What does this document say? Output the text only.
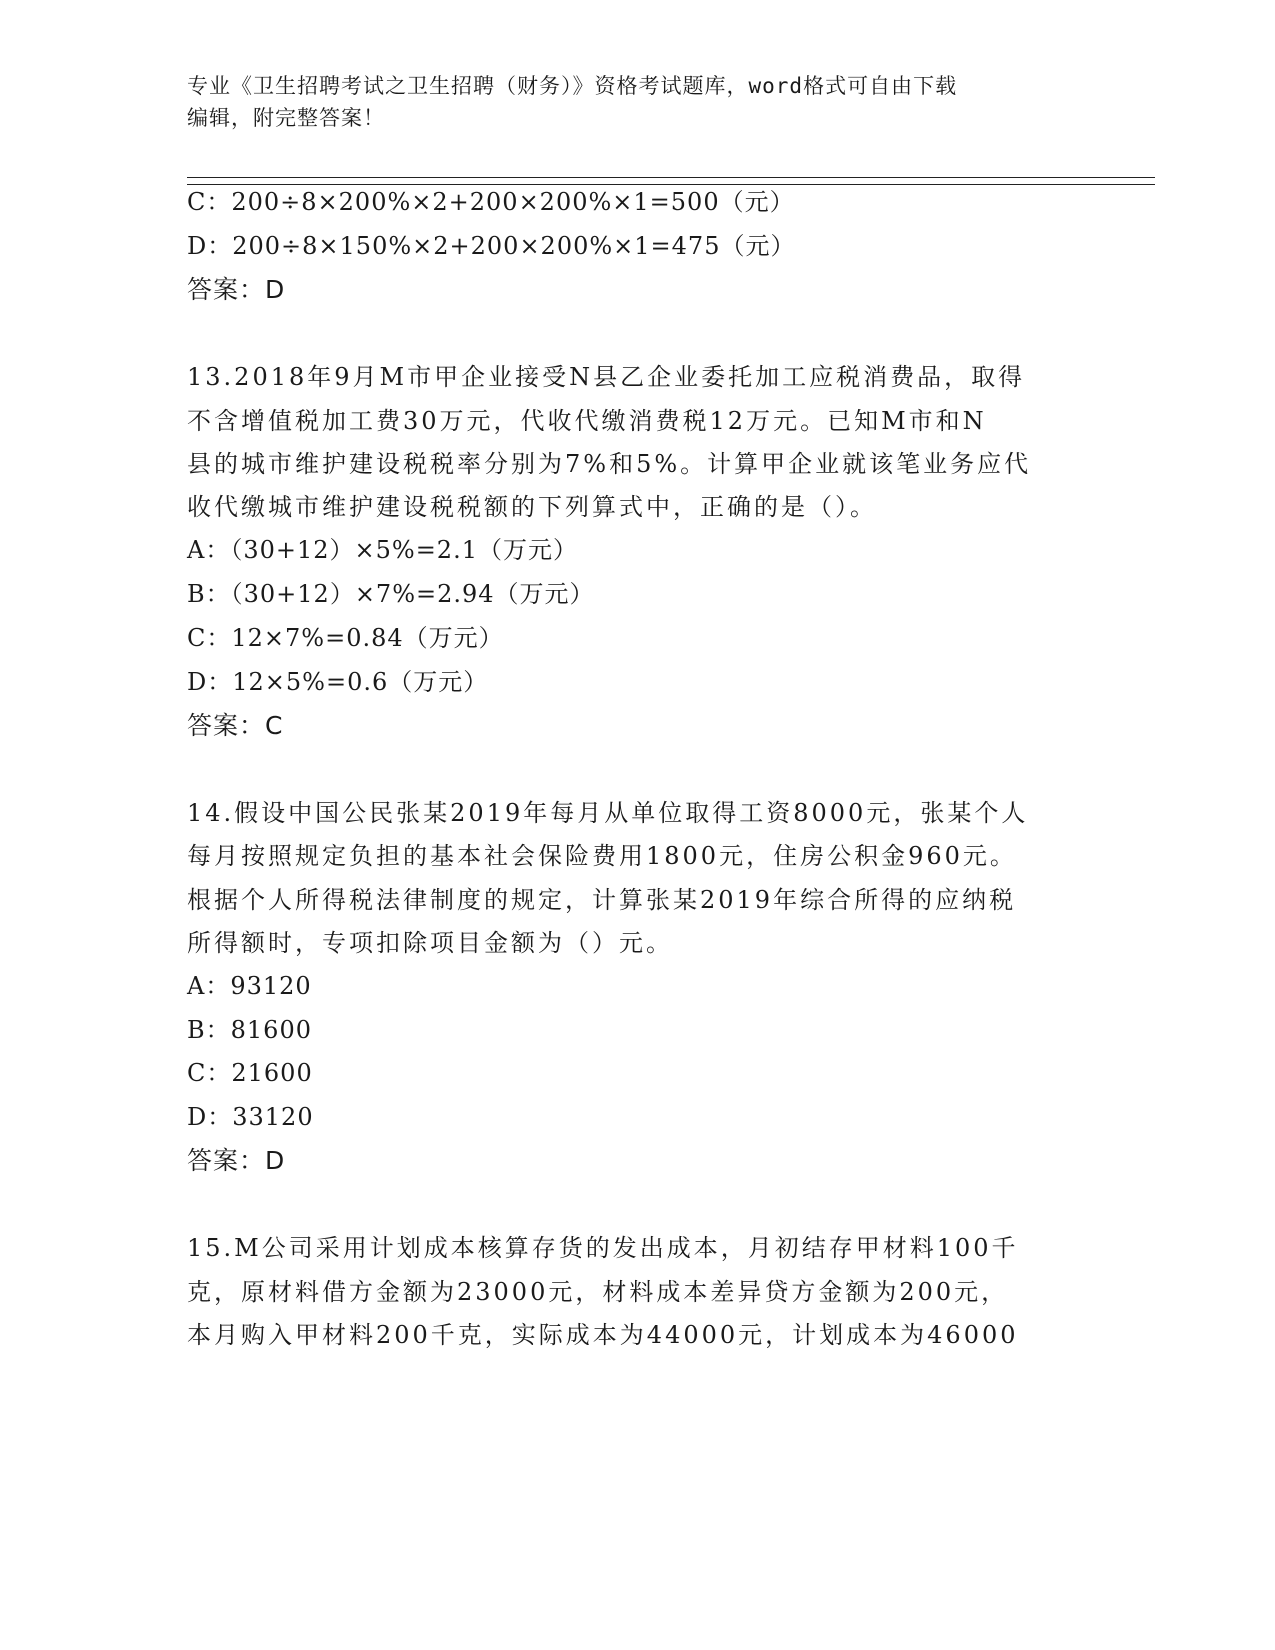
专业《卫生招聘考试之卫生招聘（财务）》资格考试题库，word格式可自由下载
编辑，附完整答案！
C：200÷8×200%×2+200×200%×1=500（元）
D：200÷8×150%×2+200×200%×1=475（元）
答案：D
13.2018年9月M市甲企业接受N县乙企业委托加工应税消费品，取得
不含增值税加工费30万元，代收代缴消费税12万元。已知M市和N
县的城市维护建设税税率分别为7%和5%。计算甲企业就该笔业务应代
收代缴城市维护建设税税额的下列算式中，正确的是（）。
A：（30+12）×5%=2.1（万元）
B：（30+12）×7%=2.94（万元）
C：12×7%=0.84（万元）
D：12×5%=0.6（万元）
答案：C
14.假设中国公民张某2019年每月从单位取得工资8000元，张某个人
每月按照规定负担的基本社会保险费用1800元，住房公积金960元。
根据个人所得税法律制度的规定，计算张某2019年综合所得的应纳税
所得额时，专项扣除项目金额为（）元。
A：93120
B：81600
C：21600
D：33120
答案：D
15.M公司采用计划成本核算存货的发出成本，月初结存甲材料100千
克，原材料借方金额为23000元，材料成本差异贷方金额为200元，
本月购入甲材料200千克，实际成本为44000元，计划成本为46000
